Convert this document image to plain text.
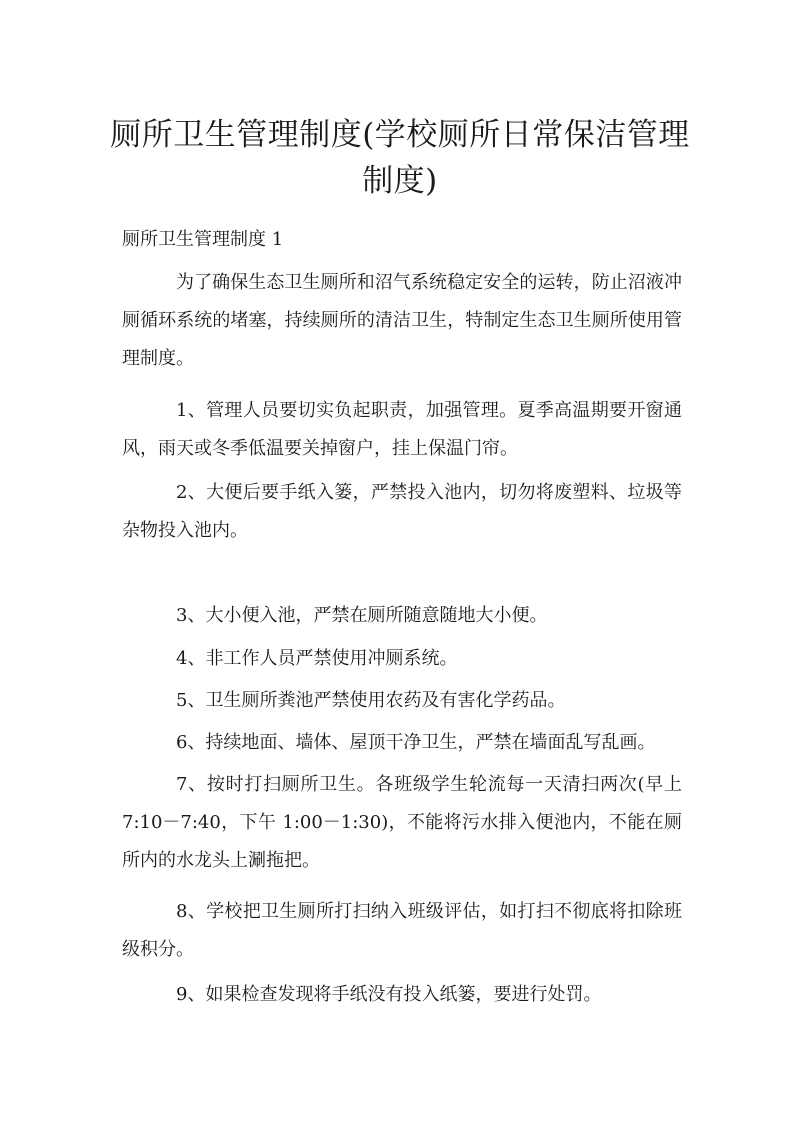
厕所卫生管理制度(学校厕所日常保洁管理制度)

厕所卫生管理制度 1

为了确保生态卫生厕所和沼气系统稳定安全的运转，防止沼液冲厕循环系统的堵塞，持续厕所的清洁卫生，特制定生态卫生厕所使用管理制度。

1、管理人员要切实负起职责，加强管理。夏季高温期要开窗通风，雨天或冬季低温要关掉窗户，挂上保温门帘。

2、大便后要手纸入篓，严禁投入池内，切勿将废塑料、垃圾等杂物投入池内。

3、大小便入池，严禁在厕所随意随地大小便。

4、非工作人员严禁使用冲厕系统。

5、卫生厕所粪池严禁使用农药及有害化学药品。

6、持续地面、墙体、屋顶干净卫生，严禁在墙面乱写乱画。

7、按时打扫厕所卫生。各班级学生轮流每一天清扫两次(早上7:10－7:40，下午 1:00－1:30)，不能将污水排入便池内，不能在厕所内的水龙头上涮拖把。

8、学校把卫生厕所打扫纳入班级评估，如打扫不彻底将扣除班级积分。

9、如果检查发现将手纸没有投入纸篓，要进行处罚。
